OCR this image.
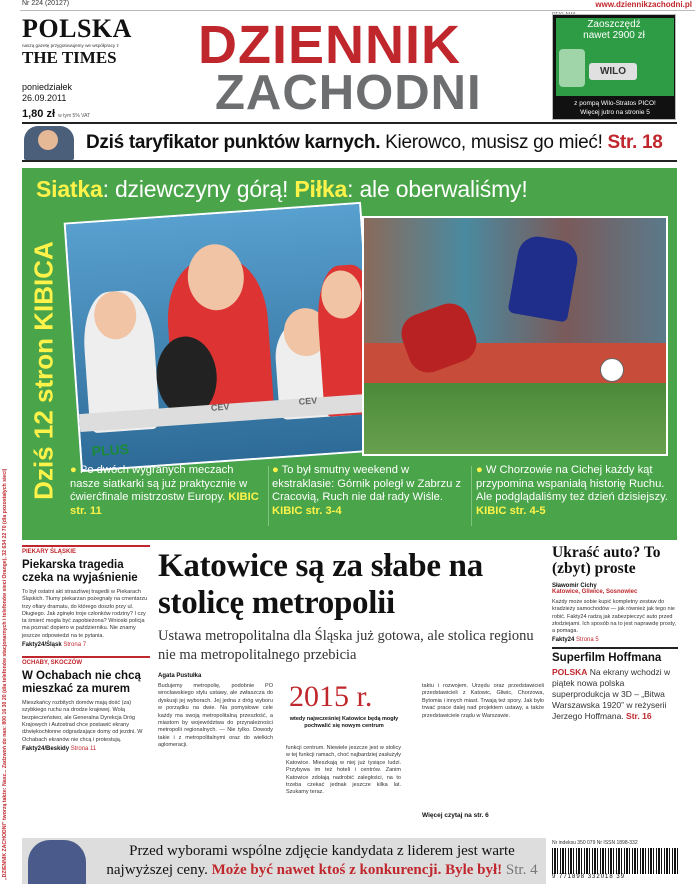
„DZIENNIK ZACHODNI” tworzą także: Nasz... Zadzwoń do nas: 800 16 30 20 (dla telefonów stacjonarnych i telefonów sieci Orange), 32 634 22 70 (dla pozostałych sieci)
Nr 224 (20127)	www.dziennikzachodni.pl
POLSKA
naszą gazetę przygotowujemy we współpracy z
THE TIMES
poniedziałek
26.09.2011
1,80 zł w tym 5% VAT
DZIENNIK
ZACHODNI
Zaoszczędź
nawet 2900 zł
WILO
z pompą Wilo-Stratos PICO!
Więcej jutro na stronie 5
Dziś taryfikator punktów karnych. Kierowco, musisz go mieć! Str. 18
Siatka: dziewczyny górą! Piłka: ale oberwaliśmy!
Dziś 12 stron KIBICA	CEV
CEV
PLUS
● Po dwóch wygranych meczach nasze siatkarki są już praktycznie w ćwierćfinale mistrzostw Europy. KIBIC str. 11
● To był smutny weekend w ekstraklasie: Górnik poległ w Zabrzu z Cracovią, Ruch nie dał rady Wiśle. KIBIC str. 3-4
● W Chorzowie na Cichej każdy kąt przypomina wspaniałą historię Ruchu. Ale podglądaliśmy też dzień dzisiejszy. KIBIC str. 4-5
PIEKARY ŚLĄSKIE
Piekarska tragedia czeka na wyjaśnienie
To był ostatni akt straszliwej tragedii w Piekarach Śląskich. Tłumy piekarzan pożegnały na cmentarzu trzy ofiary dramatu, do którego doszło przy ul. Długiego. Jak zginęło troje członków rodziny? I czy ta śmierć mogła być zapobieżona? Wnioski policja ma poznać dopiero w październiku. Nie znamy jeszcze odpowiedzi na te pytania.
Fakty24/Śląsk Strona 7
OCHABY, SKOCZÓW
W Ochabach nie chcą mieszkać za murem
Mieszkańcy rozbitych domów mają dość (za) szybkiego ruchu na drodze krajowej. Wolą bezpieczeństwo, ale Generalna Dyrekcja Dróg Krajowych i Autostrad chce postawić ekrany dźwiękochłonne odgradzające domy od jezdni. W Ochabach ekranów nie chcą i protestują.
Fakty24/Beskidy Strona 11
Katowice są za słabe na stolicę metropolii
Ustawa metropolitalna dla Śląska już gotowa, ale stolica regionu nie ma metropolitalnego przebicia
Agata Pustułka
Budujemy metropolię, podobnie PO wrocławskiego stylu ustawy, ale zwłaszcza do dyskusji jej wyborach. Jej jedna z dróg wyboru w porządku na dwie. Na pomysłowe cele każdy ma swoją metropolitalną przeszłość, a miastom by województwa do przynależności metropolii regionalnych. — Nie tylko. Dowody takie i z metropolitalnymi oraz do wielkich aglomeracji.
2015 r.
wtedy najwcześniej Katowice będą mogły pochwalić się nowym centrum
funkcji centrum. Niewiele jeszcze jest w stolicy w tej funkcji ramach, choć najbardziej zasłużyły Katowice. Mieszkają w niej już tysiące ludzi. Przybywa im też hoteli i centrów. Zanim Katowice zdołają nadrobić zaległości, na to trzeba czekać jednak jeszcze kilka lat. Szukamy teraz.
taktu i rozwojem. Urzędu oraz przedstawicieli przedstawicieli z Katowic, Gliwic, Chorzowa, Bytomia i innych miast. Trwają też spory. Jak było trwać prace dalej nad projektem ustawy, a także przedstawiciele rządu w Warszawie.
Więcej czytaj na str. 6
Ukraść auto? To (zbyt) proste
Sławomir Cichy
Katowice, Gliwice, Sosnowiec
Każdy może sobie kupić kompletny zestaw do kradzieży samochodów — jak również jak tego nie robić. Fakty24 radzą jak zabezpieczyć auto przed złodziejami. Ich sposób na to jest naprawdę prosty, a pomaga.
Fakty24 Strona 5
Superfilm Hoffmana
POLSKA Na ekrany wchodzi w piątek nowa polska superprodukcja w 3D – „Bitwa Warszawska 1920” w reżyserii Jerzego Hoffmana. Str. 16
Nr indeksu 350 079 Nr ISSN 1898-332
9 771898 332018 39
Przed wyborami wspólne zdjęcie kandydata z liderem jest warte
najwyższej ceny. Może być nawet ktoś z konkurencji. Byle był! Str. 4
